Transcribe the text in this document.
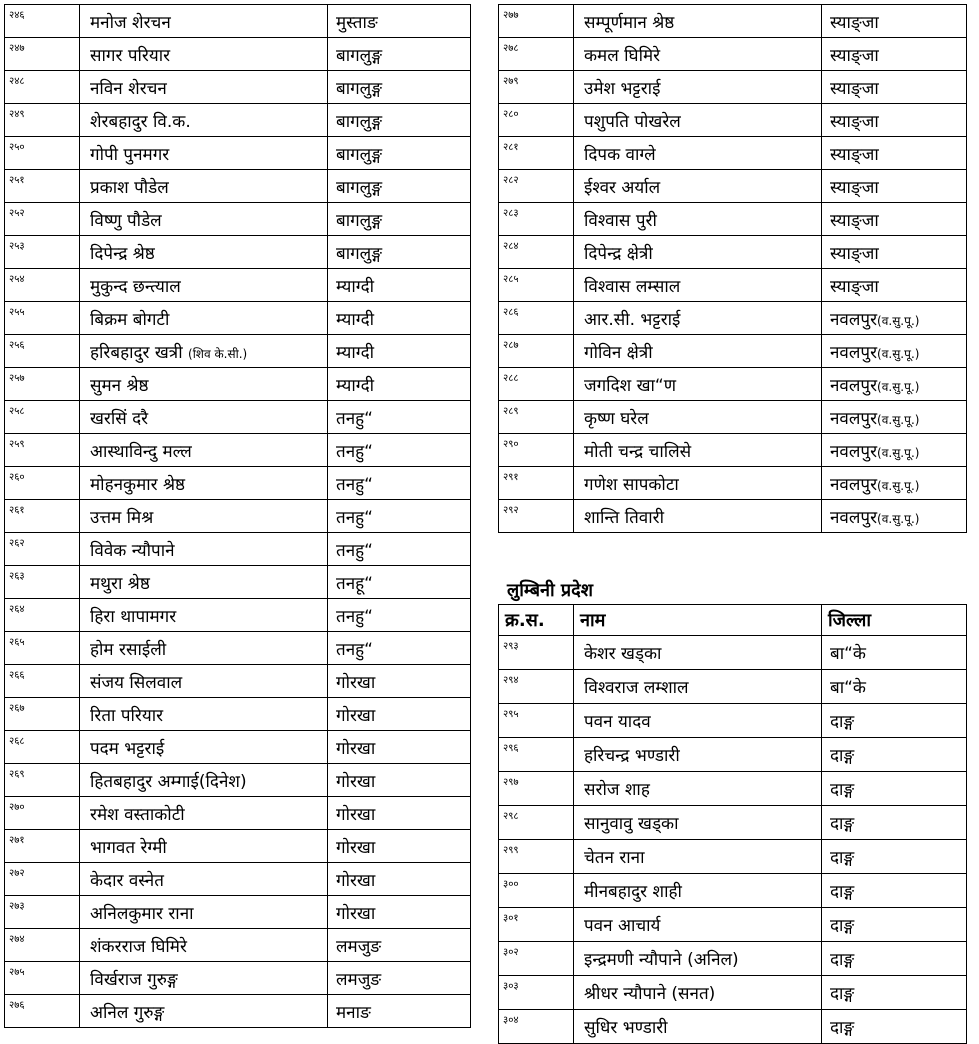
२४६	मनोज शेरचन	मुस्ताङ
२४७	सागर परियार	बागलुङ्ग
२४८	नविन शेरचन	बागलुङ्ग
२४९	शेरबहादुर वि.क.	बागलुङ्ग
२५०	गोपी पुनमगर	बागलुङ्ग
२५१	प्रकाश पौडेल	बागलुङ्ग
२५२	विष्णु पौडेल	बागलुङ्ग
२५३	दिपेन्द्र श्रेष्ठ	बागलुङ्ग
२५४	मुकुन्द छन्त्याल	म्याग्दी
२५५	बिक्रम बोगटी	म्याग्दी
२५६	हरिबहादुर खत्री (शिव के.सी.)	म्याग्दी
२५७	सुमन श्रेष्ठ	म्याग्दी
२५८	खरसिं दरै	तनहु“
२५९	आस्थाविन्दु मल्ल	तनहु“
२६०	मोहनकुमार श्रेष्ठ	तनहु“
२६१	उत्तम मिश्र	तनहु“
२६२	विवेक न्यौपाने	तनहु“
२६३	मथुरा श्रेष्ठ	तनहू“
२६४	हिरा थापामगर	तनहु“
२६५	होम रसाईली	तनहु“
२६६	संजय सिलवाल	गोरखा
२६७	रिता परियार	गोरखा
२६८	पदम भट्टराई	गोरखा
२६९	हितबहादुर अम्गाई(दिनेश)	गोरखा
२७०	रमेश वस्ताकोटी	गोरखा
२७१	भागवत रेग्मी	गोरखा
२७२	केदार वस्नेत	गोरखा
२७३	अनिलकुमार राना	गोरखा
२७४	शंकरराज घिमिरे	लमजुङ
२७५	विर्खराज गुरुङ्ग	लमजुङ
२७६	अनिल गुरुङ्ग	मनाङ
२७७	सम्पूर्णमान श्रेष्ठ	स्याङ्जा
२७८	कमल घिमिरे	स्याङ्जा
२७९	उमेश भट्टराई	स्याङ्जा
२८०	पशुपति पोखरेल	स्याङ्जा
२८१	दिपक वाग्ले	स्याङ्जा
२८२	ईश्वर अर्याल	स्याङ्जा
२८३	विश्वास पुरी	स्याङ्जा
२८४	दिपेन्द्र क्षेत्री	स्याङ्जा
२८५	विश्वास लम्साल	स्याङ्जा
२८६	आर.सी. भट्टराई	नवलपुर(व.सु.पू.)
२८७	गोविन क्षेत्री	नवलपुर(व.सु.पू.)
२८८	जगदिश खा“ण	नवलपुर(व.सु.पू.)
२८९	कृष्ण घरेल	नवलपुर(व.सु.पू.)
२९०	मोती चन्द्र चालिसे	नवलपुर(व.सु.पू.)
२९१	गणेश सापकोटा	नवलपुर(व.सु.पू.)
२९२	शान्ति तिवारी	नवलपुर(व.सु.पू.)
लुम्बिनी प्रदेश
क्र.स.	नाम	जिल्ला
२९३	केशर खड्का	बा“के
२९४	विश्वराज लम्शाल	बा“के
२९५	पवन यादव	दाङ्ग
२९६	हरिचन्द्र भण्डारी	दाङ्ग
२९७	सरोज शाह	दाङ्ग
२९८	सानुवावु खड्का	दाङ्ग
२९९	चेतन राना	दाङ्ग
३००	मीनबहादुर शाही	दाङ्ग
३०१	पवन आचार्य	दाङ्ग
३०२	इन्द्रमणी न्यौपाने (अनिल)	दाङ्ग
३०३	श्रीधर न्यौपाने (सनत)	दाङ्ग
३०४	सुधिर भण्डारी	दाङ्ग
